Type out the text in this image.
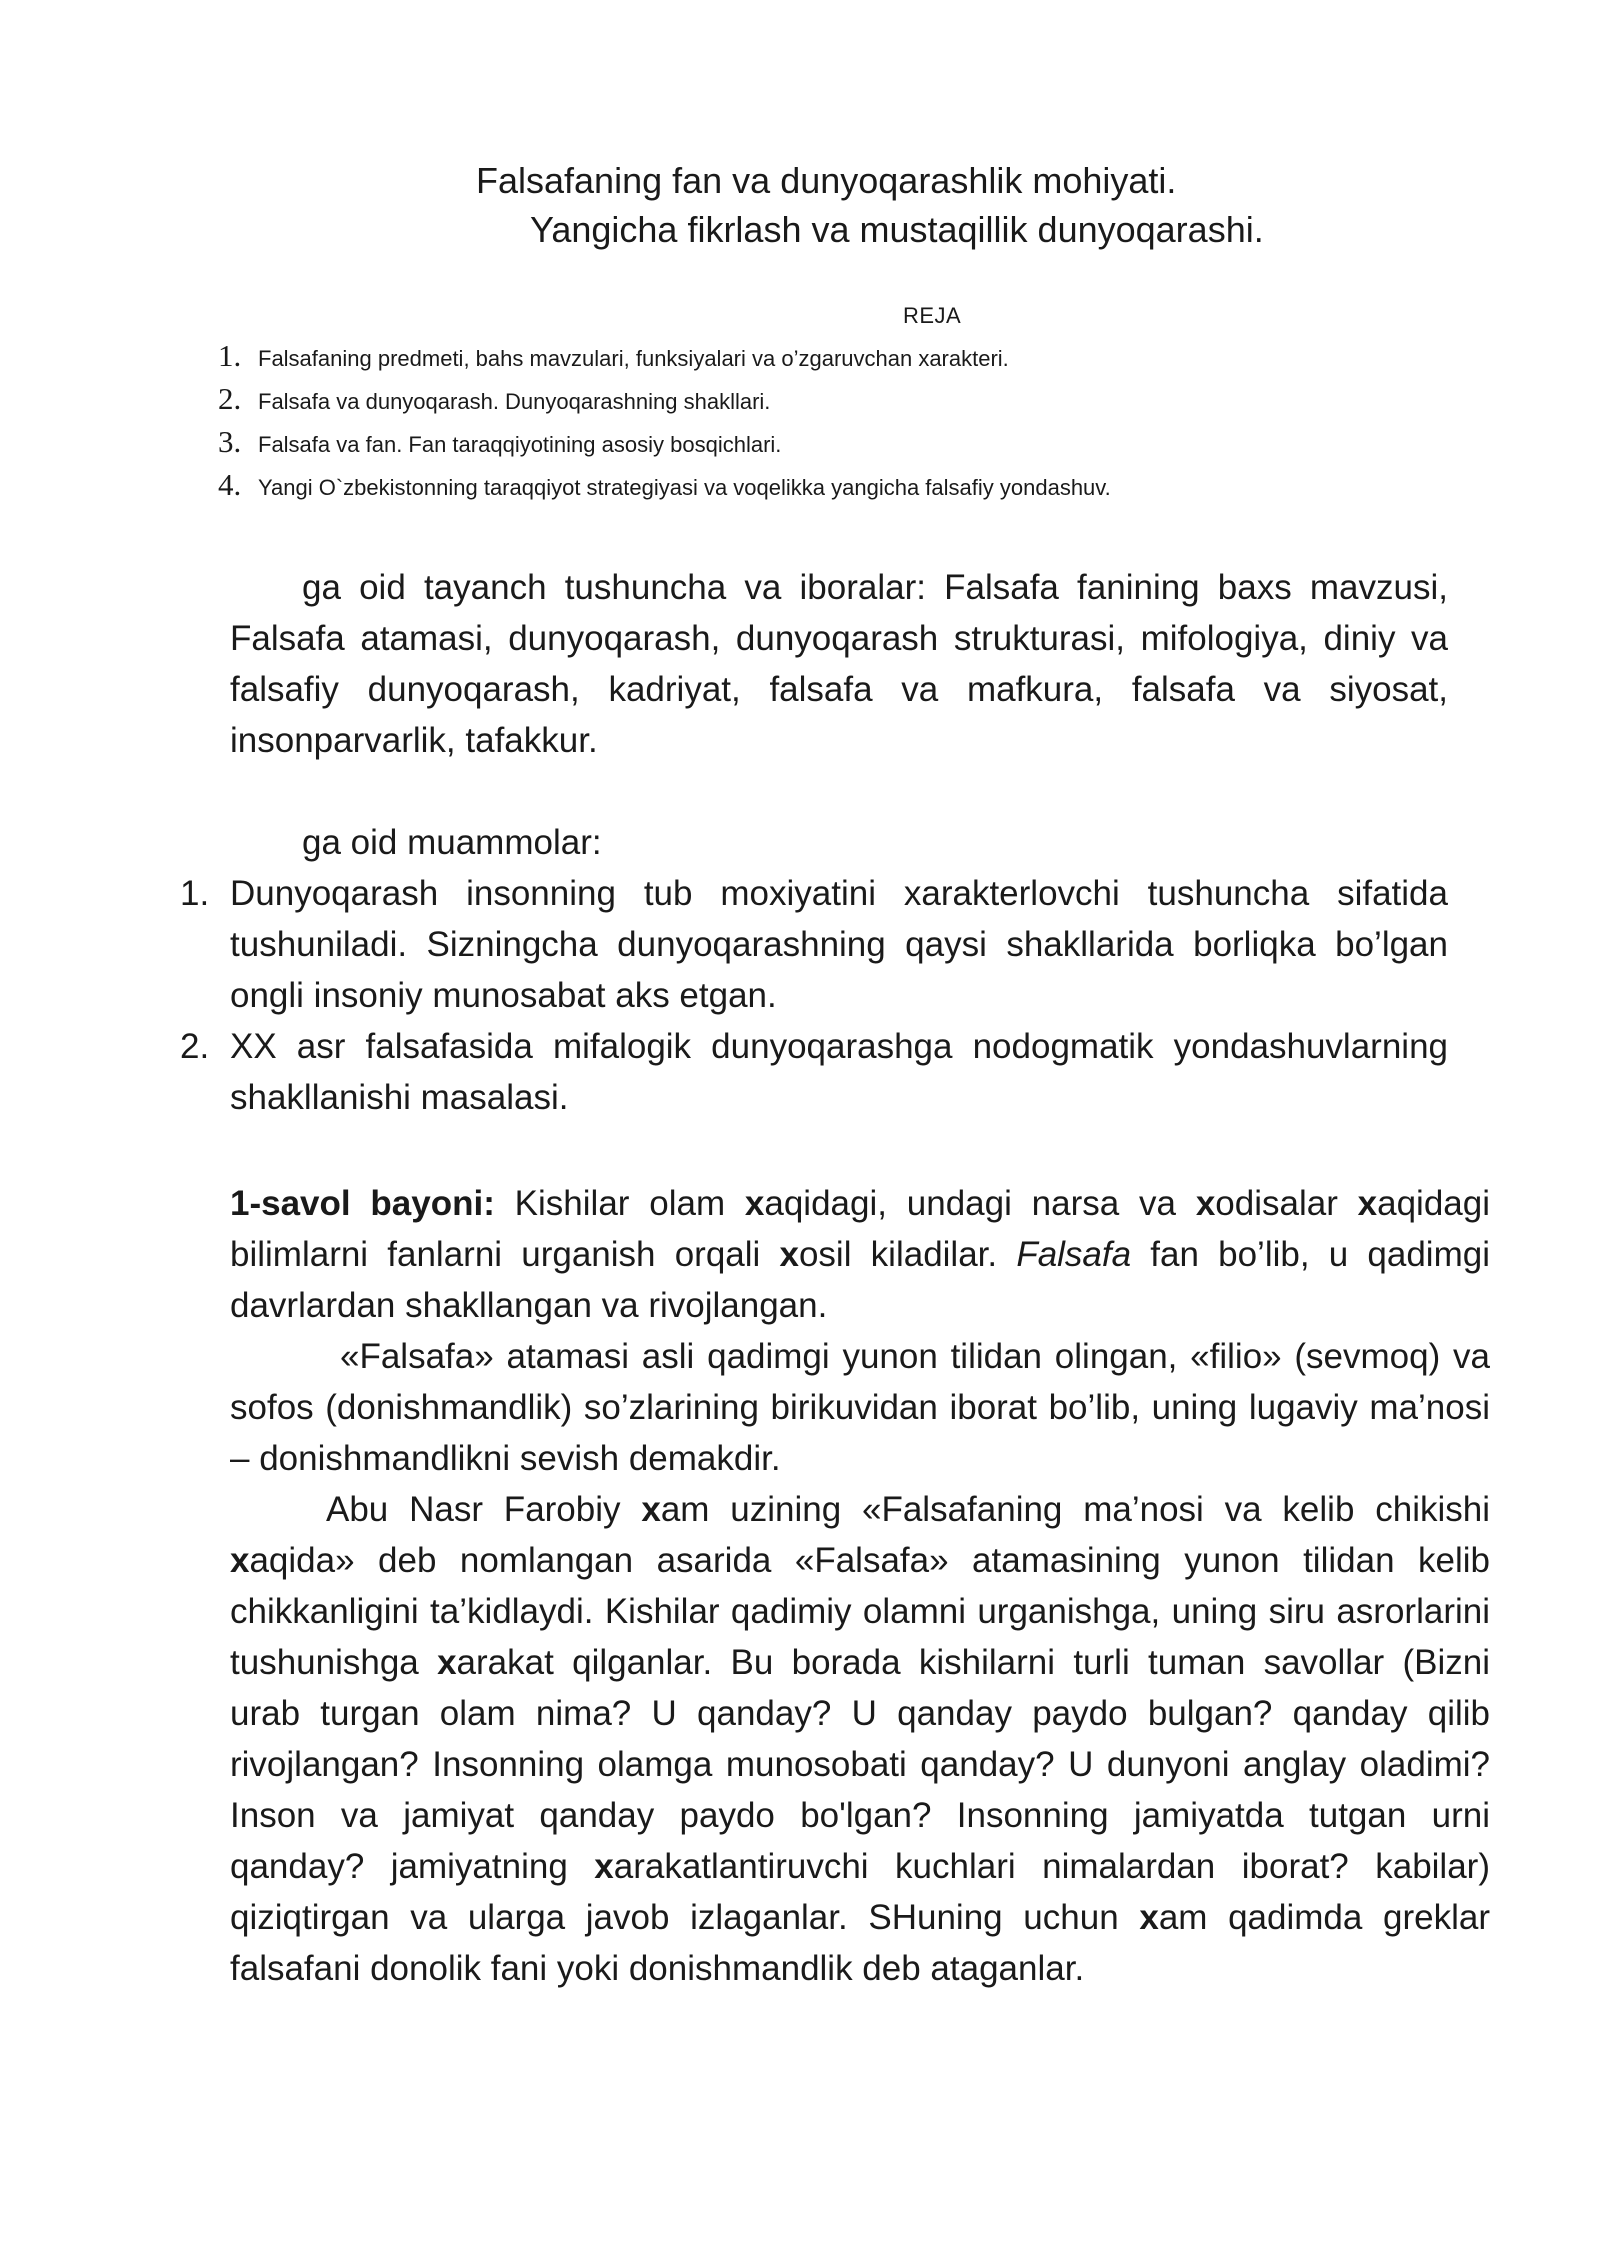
Falsafaning fan va dunyoqarashlik mohiyati.
Yangicha fikrlash va mustaqillik dunyoqarashi.
REJA
1. Falsafaning predmeti, bahs mavzulari, funksiyalari va o’zgaruvchan xarakteri.
2. Falsafa va dunyoqarash. Dunyoqarashning shakllari.
3. Falsafa va fan. Fan taraqqiyotining asosiy bosqichlari.
4. Yangi O`zbekistonning taraqqiyot strategiyasi va voqelikka yangicha falsafiy yondashuv.
ga oid tayanch tushuncha va iboralar: Falsafa fanining baxs mavzusi, Falsafa atamasi, dunyoqarash, dunyoqarash strukturasi, mifologiya, diniy va falsafiy dunyoqarash, kadriyat, falsafa va mafkura, falsafa va siyosat, insonparvarlik, tafakkur.
ga oid muammolar:
1. Dunyoqarash insonning tub moxiyatini xarakterlovchi tushuncha sifatida tushuniladi. Sizningcha dunyoqarashning qaysi shakllarida borliqka bo’lgan ongli insoniy munosabat aks etgan.
2. XX asr falsafasida mifalogik dunyoqarashga nodogmatik yondashuvlarning shakllanishi masalasi.

1-savol bayoni: Kishilar olam xaqidagi, undagi narsa va xodisalar xaqidagi bilimlarni fanlarni urganish orqali xosil kiladilar. Falsafa fan bo’lib, u qadimgi davrlardan shakllangan va rivojlangan.

«Falsafa» atamasi asli qadimgi yunon tilidan olingan, «filio» (sevmoq) va sofos (donishmandlik) so’zlarining birikuvidan iborat bo’lib, uning lugaviy ma’nosi – donishmandlikni sevish demakdir.

Abu Nasr Farobiy xam uzining «Falsafaning ma’nosi va kelib chikishi xaqida» deb nomlangan asarida «Falsafa» atamasining yunon tilidan kelib chikkanligini ta’kidlaydi. Kishilar qadimiy olamni urganishga, uning siru asrorlarini tushunishga xarakat qilganlar. Bu borada kishilarni turli tuman savollar (Bizni urab turgan olam nima? U qanday? U qanday paydo bulgan? qanday qilib rivojlangan? Insonning olamga munosobati qanday? U dunyoni anglay oladimi? Inson va jamiyat qanday paydo bo'lgan? Insonning jamiyatda tutgan urni qanday? jamiyatning xarakatlantiruvchi kuchlari nimalardan iborat? kabilar) qiziqtirgan va ularga javob izlaganlar. SHuning uchun xam qadimda greklar falsafani donolik fani yoki donishmandlik deb ataganlar.
